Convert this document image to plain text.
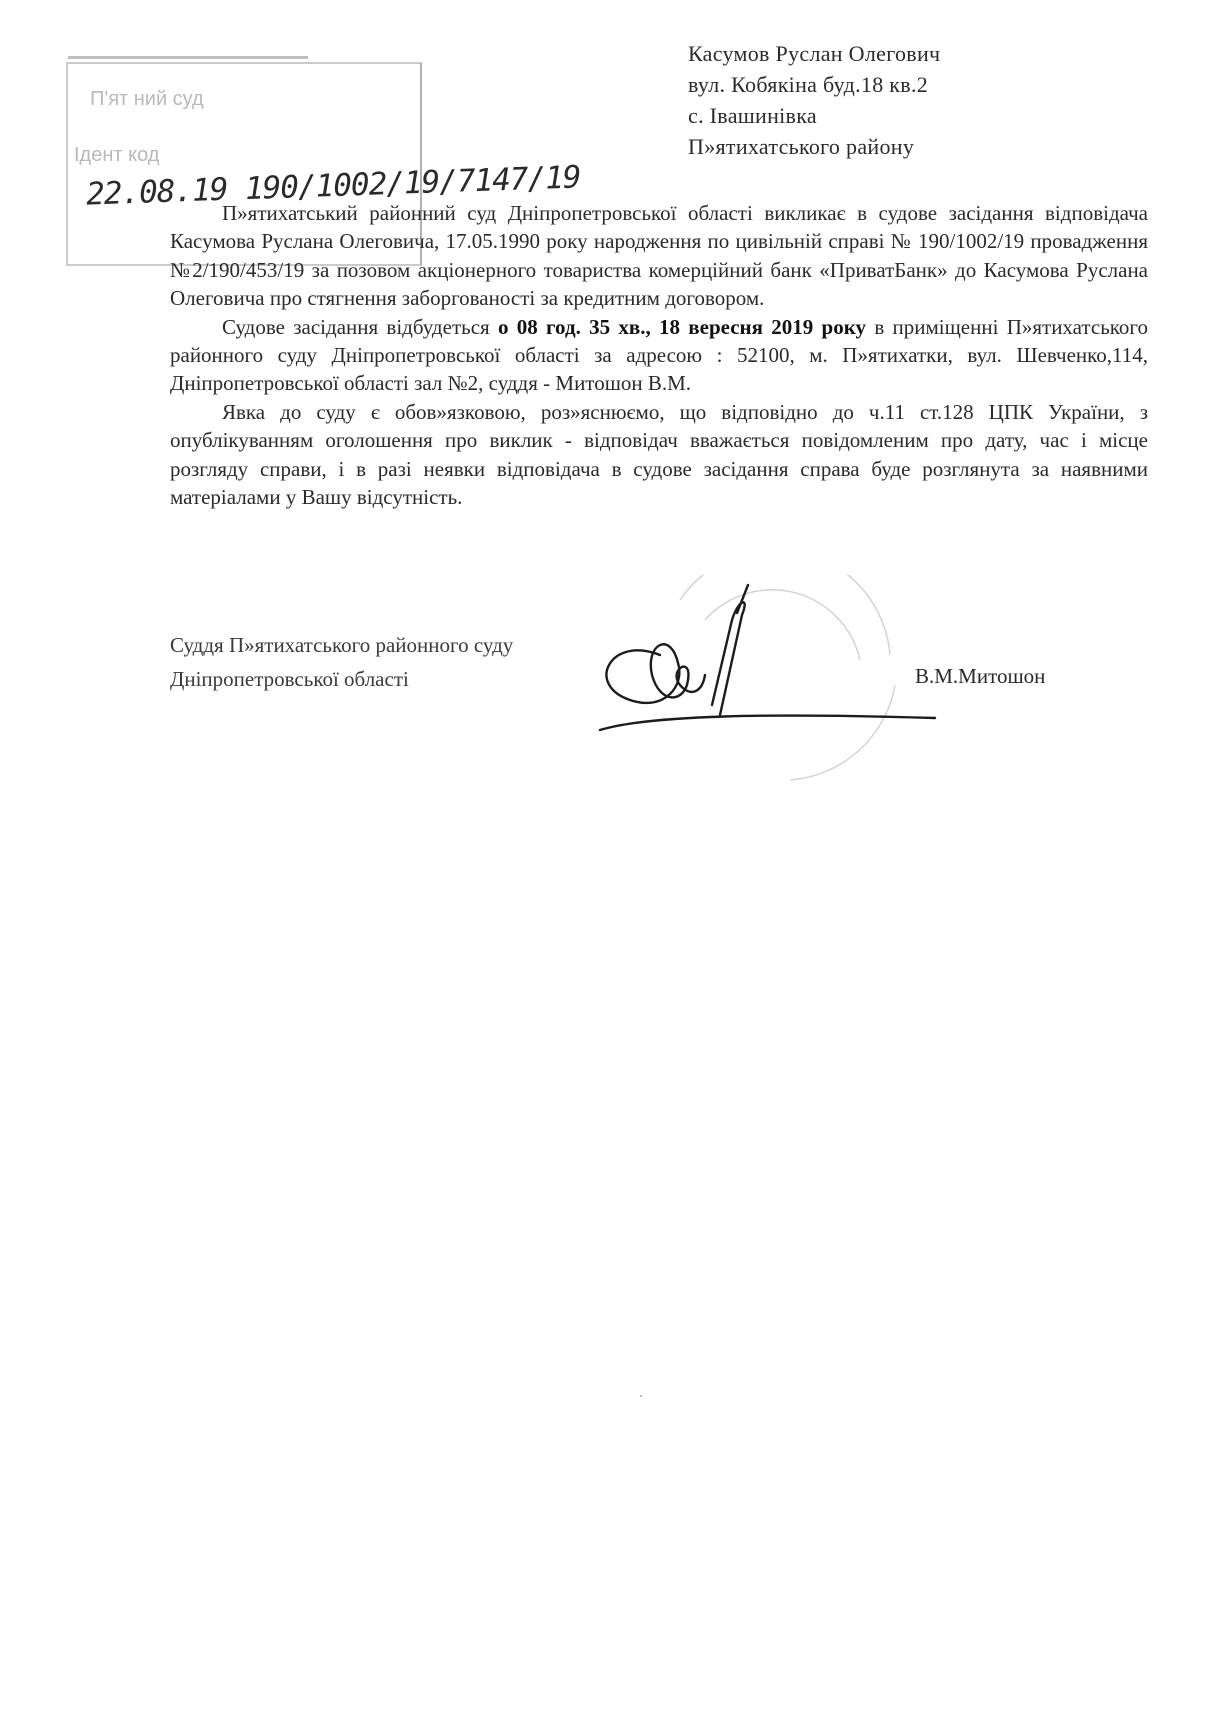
П'ят ний суд
Ідент код
22.08.19 190/1002/19/7147/19
Касумов Руслан Олегович
вул. Кобякіна буд.18 кв.2
с. Івашинівка
П»ятихатського району

П»ятихатський районний суд Дніпропетровської області викликає в судове засідання відповідача Касумова Руслана Олеговича, 17.05.1990 року народження по цивільній справі № 190/1002/19 провадження №2/190/453/19 за позовом акціонерного товариства комерційний банк «ПриватБанк» до Касумова Руслана Олеговича про стягнення заборгованості за кредитним договором.

Судове засідання відбудеться о 08 год. 35 хв., 18 вересня 2019 року в приміщенні П»ятихатського районного суду Дніпропетровської області за адресою : 52100, м. П»ятихатки, вул. Шевченко,114, Дніпропетровської області зал №2, суддя - Митошон В.М.

Явка до суду є обов»язковою, роз»яснюємо, що відповідно до ч.11 ст.128 ЦПК України, з опублікуванням оголошення про виклик - відповідач вважається повідомленим про дату, час і місце розгляду справи, і в разі неявки відповідача в судове засідання справа буде розглянута за наявними матеріалами у Вашу відсутність.

Суддя П»ятихатського районного суду
Дніпропетровської області	В.М.Митошон
